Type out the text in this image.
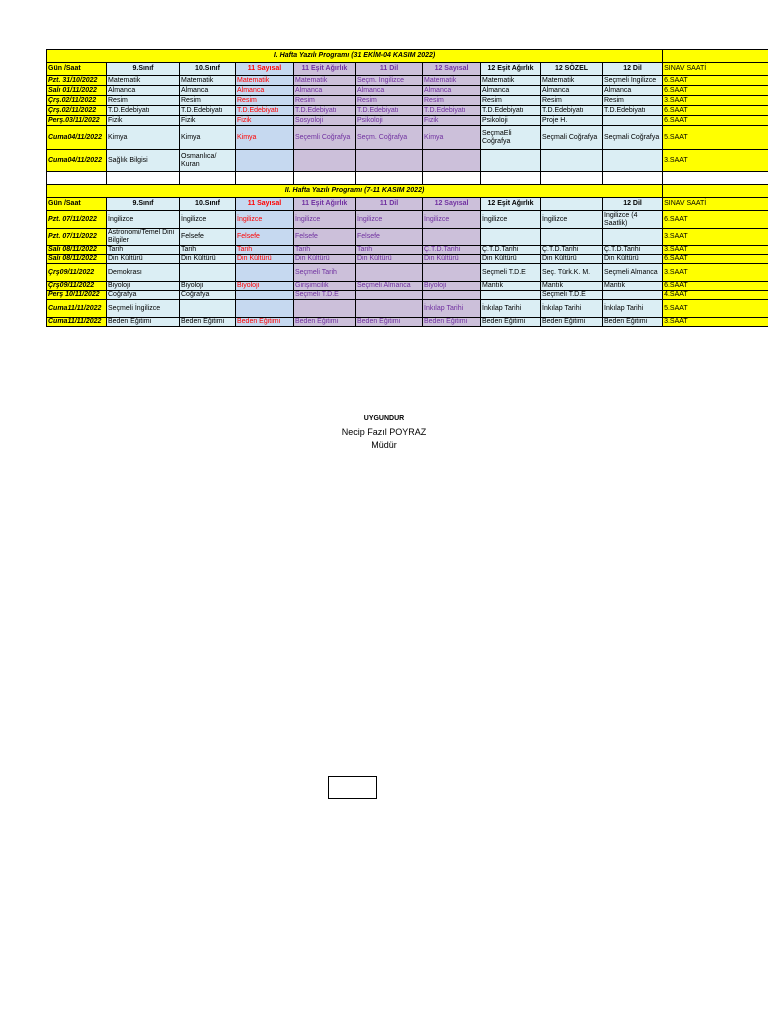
I. Hafta Yazılı Programı (31 EKİM-04 KASIM 2022)										
Gün /Saat	9.Sınıf	10.Sınıf	11 Sayısal	11 Eşit Ağırlık	11 Dil	12 Sayısal	12 Eşit Ağırlık	12 SÖZEL	12 Dil	SINAV SAATİ
Pzt. 31/10/2022	Matematik	Matematik	Matematik	Matematik	Seçm. İngilizce	Matematik	Matematik	Matematik	Seçmeli İngilizce	6.SAAT
Salı 01/11/2022	Almanca	Almanca	Almanca	Almanca	Almanca	Almanca	Almanca	Almanca	Almanca	6.SAAT
Çrş.02/11/2022	Resim	Resim	Resim	Resim	Resim	Resim	Resim	Resim	Resim	3.SAAT
Çrş.02/11/2022	T.D.Edebiyatı	T.D.Edebiyatı	T.D.Edebiyatı	T.D.Edebiyatı	T.D.Edebiyatı	T.D.Edebiyatı	T.D.Edebiyatı	T.D.Edebiyatı	T.D.Edebiyatı	6.SAAT
Perş.03/11/2022	Fizik	Fizik	Fizik	Sosyoloji	Psikoloji	Fizik	Psikoloji	Proje H.		6.SAAT
Cuma04/11/2022	Kimya	Kimya	Kimya	Seçemli Coğrafya	Seçm. Coğrafya	Kimya	SeçmaEli Coğrafya	Seçmali Coğrafya	Seçmali Coğrafya	5.SAAT
Cuma04/11/2022	Sağlık Bilgisi	Osmanlıca/ Kuran								3.SAAT

II. Hafta Yazılı Programı (7-11 KASIM 2022)										
Gün /Saat	9.Sınıf	10.Sınıf	11 Sayısal	11 Eşit Ağırlık	11 Dil	12 Sayısal	12 Eşit Ağırlık		12 Dil	SINAV SAATİ
Pzt. 07/11/2022	İngilizce	İngilizce	İngilizce	İngilizce	İngilizce	İngilizce	İngilizce	İngilizce	İngilizce (4 Saatlik)	6.SAAT
Pzt. 07/11/2022	Astronomi/Temel Dini Bilgiler	Felsefe	Felsefe	Felsefe	Felsefe					3.SAAT
Salı 08/11/2022	Tarih	Tarih	Tarih	Tarih	Tarih	Ç.T.D.Tarihi	Ç.T.D.Tarihi	Ç.T.D.Tarihi	Ç.T.D.Tarihi	3.SAAT
Salı 08/11/2022	Din Kültürü	Din Kültürü	Din Kültürü	Din Kültürü	Din Kültürü	Din Kültürü	Din Kültürü	Din Kültürü	Din Kültürü	6.SAAT
Çrş09/11/2022	Demokrası			Seçmeli Tarih			Seçmeli T.D.E	Seç. Türk.K. M.	Seçmeli Almanca	3.SAAT
Çrş09/11/2022	Biyoloji	Biyoloji	Biyoloji	Girişimcilik	Seçmeli Almanca	Biyoloji	Mantık	Mantık	Mantık	6.SAAT
Perş 10/11/2022	Coğrafya	Coğrafya		Seçmeli T.D.E				Seçmeli T.D.E		4.SAAT
Cuma11/11/2022	Seçmeli İngilizce					İnkılap Tarihi	İnkılap Tarihi	İnkılap Tarihi	İnkılap Tarihi	5.SAAT
Cuma11/11/2022	Beden Eğitimi	Beden Eğitimi	Beden Eğitimi	Beden Eğitimi	Beden Eğitimi	Beden Eğitimi	Beden Eğitimi	Beden Eğitimi	Beden Eğitimi	3.SAAT
UYGUNDUR
Necip Fazıl POYRAZ
Müdür
